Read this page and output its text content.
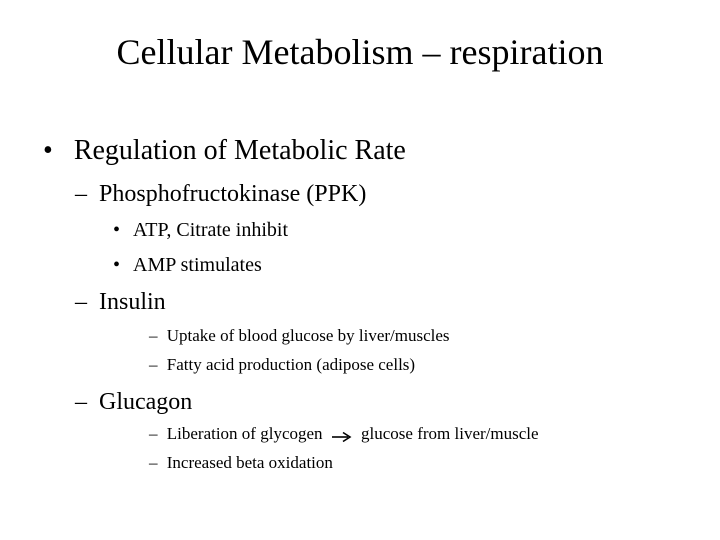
Cellular Metabolism – respiration
• Regulation of Metabolic Rate
– Phosphofructokinase (PPK)
• ATP, Citrate inhibit
• AMP stimulates
– Insulin
– Uptake of blood glucose by liver/muscles
– Fatty acid production (adipose cells)
– Glucagon
– Liberation of glycogen glucose from liver/muscle
– Increased beta oxidation
